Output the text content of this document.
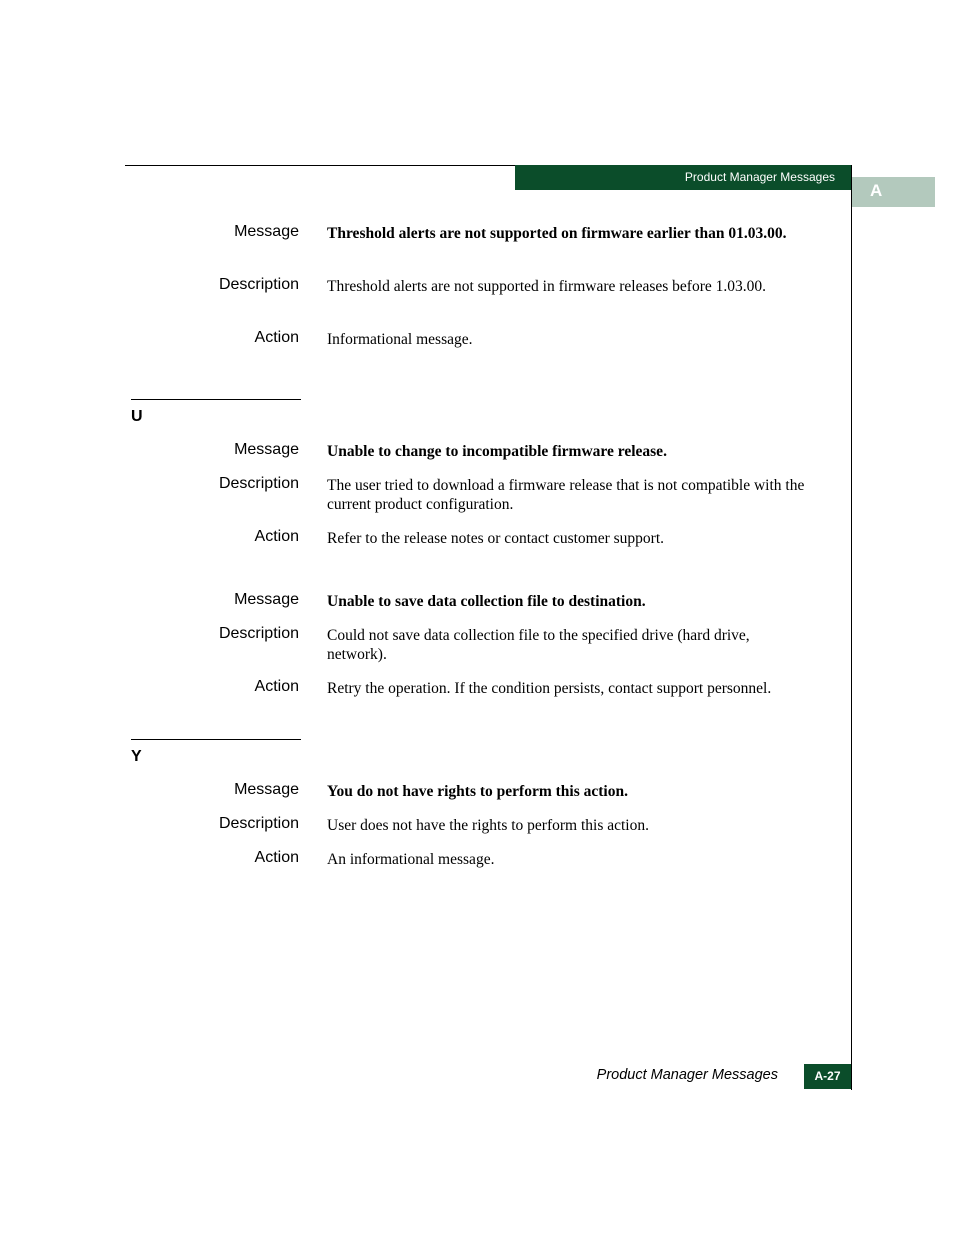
Product Manager Messages
A
Message Threshold alerts are not supported on firmware earlier than 01.03.00.
Description Threshold alerts are not supported in firmware releases before 1.03.00.
Action Informational message.
U
Message Unable to change to incompatible firmware release.
Description The user tried to download a firmware release that is not compatible with the current product configuration.
Action Refer to the release notes or contact customer support.
Message Unable to save data collection file to destination.
Description Could not save data collection file to the specified drive (hard drive, network).
Action Retry the operation. If the condition persists, contact support personnel.
Y
Message You do not have rights to perform this action.
Description User does not have the rights to perform this action.
Action An informational message.
Product Manager Messages	A-27
